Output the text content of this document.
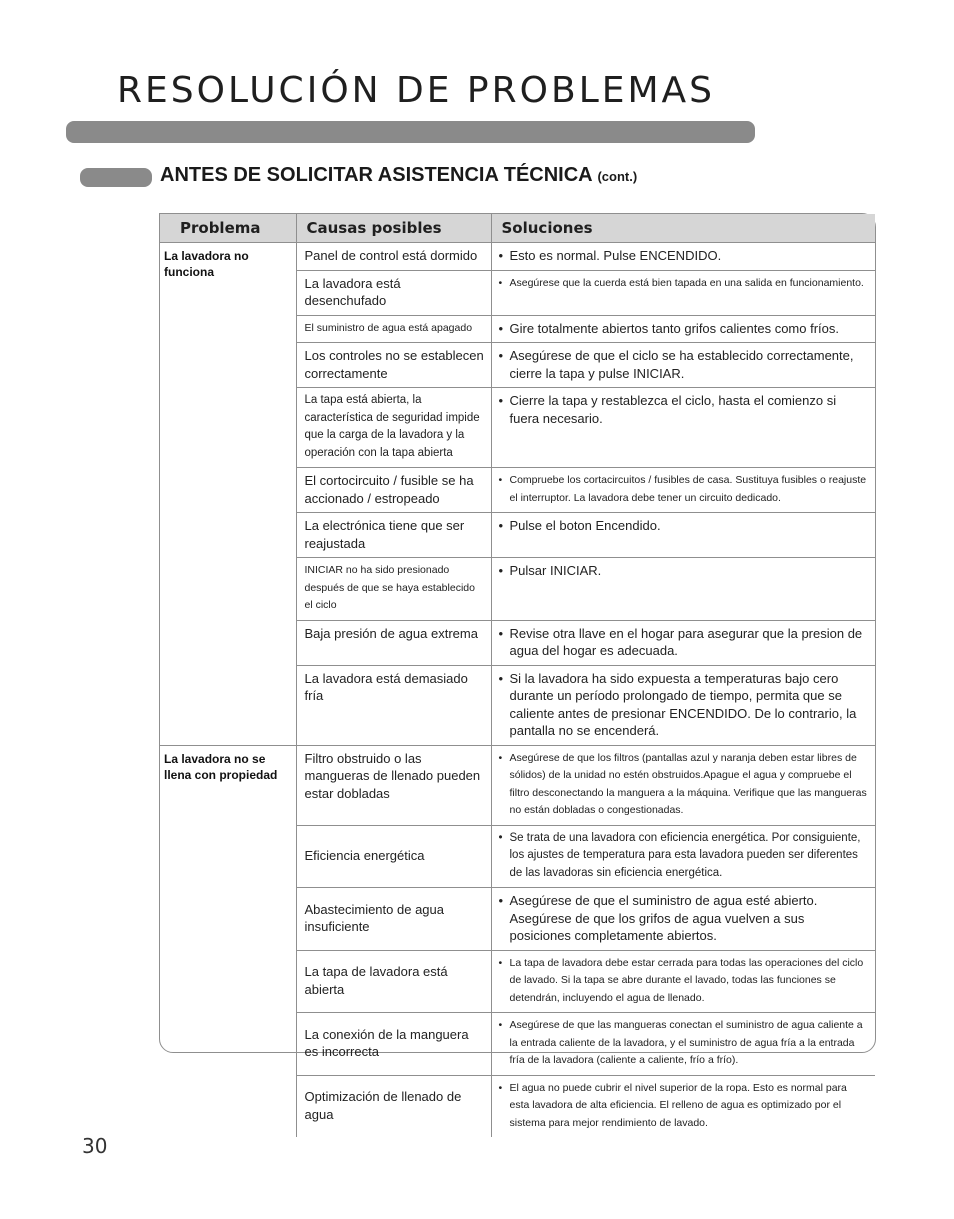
RESOLUCIÓN DE PROBLEMAS
ANTES DE SOLICITAR ASISTENCIA TÉCNICA (cont.)
Problema	Causas posibles	Soluciones
La lavadora no funciona	Panel de control está dormido	• Esto es normal. Pulse ENCENDIDO.

	La lavadora está desenchufado	• Asegúrese que la cuerda está bien tapada en una salida en funcionamiento.

	El suministro de agua está apagado	• Gire totalmente abiertos tanto grifos calientes como fríos.

	Los controles no se establecen correctamente	• Asegúrese de que el ciclo se ha establecido correctamente, cierre la tapa y pulse INICIAR.

	La tapa está abierta, la característica de seguridad impide que la carga de la lavadora y la operación con la tapa abierta	• Cierre la tapa y restablezca el ciclo, hasta el comienzo si fuera necesario.

	El cortocircuito / fusible se ha accionado / estropeado	• Compruebe los cortacircuitos / fusibles de casa. Sustituya fusibles o reajuste el interruptor. La lavadora debe tener un circuito dedicado.

	La electrónica tiene que ser reajustada	• Pulse el boton Encendido.

	INICIAR no ha sido presionado después de que se haya establecido el ciclo	• Pulsar INICIAR.

	Baja presión de agua extrema	• Revise otra llave en el hogar para asegurar que la presion de agua del hogar es adecuada.

	La lavadora está demasiado fría	• Si la lavadora ha sido expuesta a temperaturas bajo cero durante un período prolongado de tiempo, permita que se caliente antes de presionar ENCENDIDO. De lo contrario, la pantalla no se encenderá.

La lavadora no se llena con propiedad	Filtro obstruido o las mangueras de llenado pueden estar dobladas	• Asegúrese de que los filtros (pantallas azul y naranja deben estar libres de sólidos) de la unidad no estén obstruidos.Apague el agua y compruebe el filtro desconectando la manguera a la máquina. Verifique que las mangueras no están dobladas o congestionadas.

	Eficiencia energética	• Se trata de una lavadora con eficiencia energética. Por consiguiente, los ajustes de temperatura para esta lavadora pueden ser diferentes de las lavadoras sin eficiencia energética.

	Abastecimiento de agua insuficiente	• Asegúrese de que el suministro de agua esté abierto. Asegúrese de que los grifos de agua vuelven a sus posiciones completamente abiertos.

	La tapa de lavadora está abierta	• La tapa de lavadora debe estar cerrada para todas las operaciones del ciclo de lavado. Si la tapa se abre durante el lavado, todas las funciones se detendrán, incluyendo el agua de llenado.

	La conexión de la manguera es incorrecta	• Asegúrese de que las mangueras conectan el suministro de agua caliente a la entrada caliente de la lavadora, y el suministro de agua fría a la entrada fría de la lavadora (caliente a caliente, frío a frío).

	Optimización de llenado de agua	• El agua no puede cubrir el nivel superior de la ropa. Esto es normal para esta lavadora de alta eficiencia. El relleno de agua es optimizado por el sistema para mejor rendimiento de lavado.
30
